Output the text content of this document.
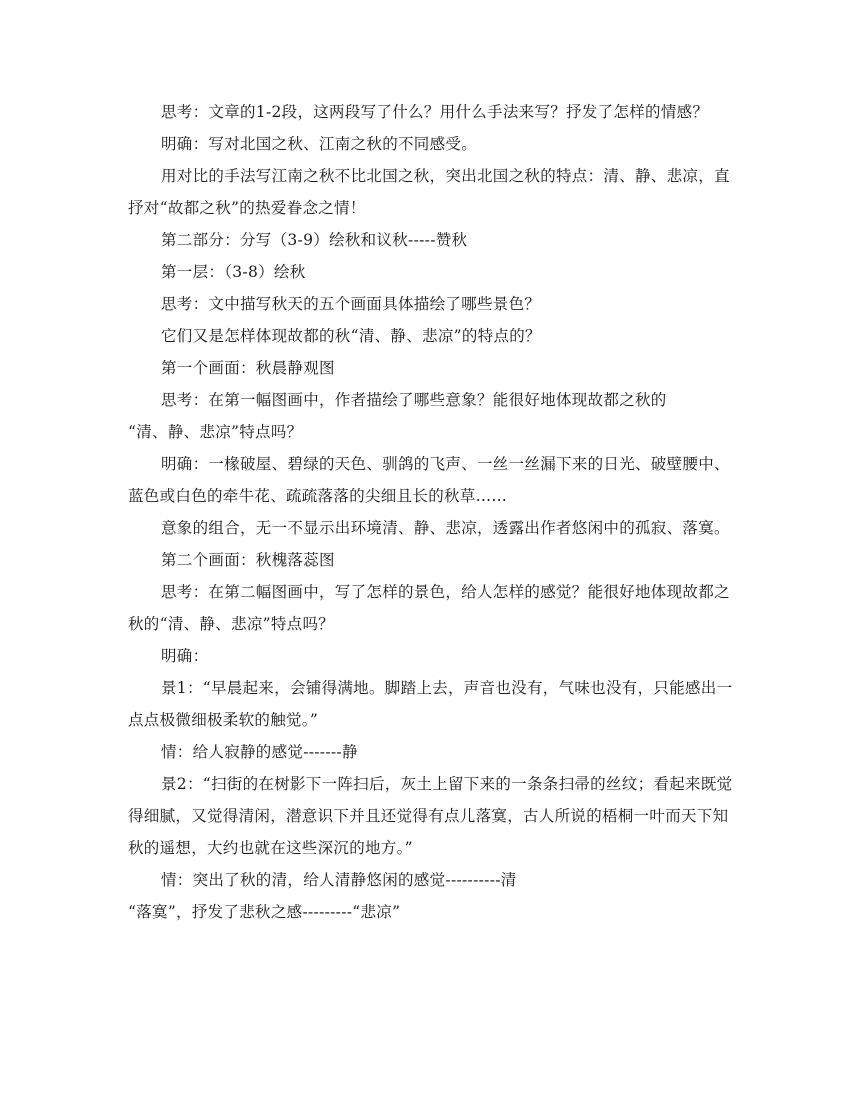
思考：文章的1-2段，这两段写了什么？用什么手法来写？抒发了怎样的情感？

明确：写对北国之秋、江南之秋的不同感受。

用对比的手法写江南之秋不比北国之秋，突出北国之秋的特点：清、静、悲凉，直抒对“故都之秋”的热爱眷念之情！

第二部分：分写（3-9）绘秋和议秋-----赞秋

第一层：（3-8）绘秋

思考：文中描写秋天的五个画面具体描绘了哪些景色？

它们又是怎样体现故都的秋“清、静、悲凉”的特点的？

第一个画面：秋晨静观图

思考：在第一幅图画中，作者描绘了哪些意象？能很好地体现故都之秋的

“清、静、悲凉”特点吗？

明确：一椽破屋、碧绿的天色、驯鸽的飞声、一丝一丝漏下来的日光、破壁腰中、蓝色或白色的牵牛花、疏疏落落的尖细且长的秋草……

意象的组合，无一不显示出环境清、静、悲凉，透露出作者悠闲中的孤寂、落寞。

第二个画面：秋槐落蕊图

思考：在第二幅图画中，写了怎样的景色，给人怎样的感觉？能很好地体现故都之秋的“清、静、悲凉”特点吗？

明确：

景1：“早晨起来，会铺得满地。脚踏上去，声音也没有，气味也没有，只能感出一点点极微细极柔软的触觉。”

情：给人寂静的感觉-------静

景2：“扫街的在树影下一阵扫后，灰土上留下来的一条条扫帚的丝纹；看起来既觉得细腻，又觉得清闲，潜意识下并且还觉得有点儿落寞，古人所说的梧桐一叶而天下知秋的遥想，大约也就在这些深沉的地方。”

情：突出了秋的清，给人清静悠闲的感觉----------清

“落寞”，抒发了悲秋之感---------“悲凉”
